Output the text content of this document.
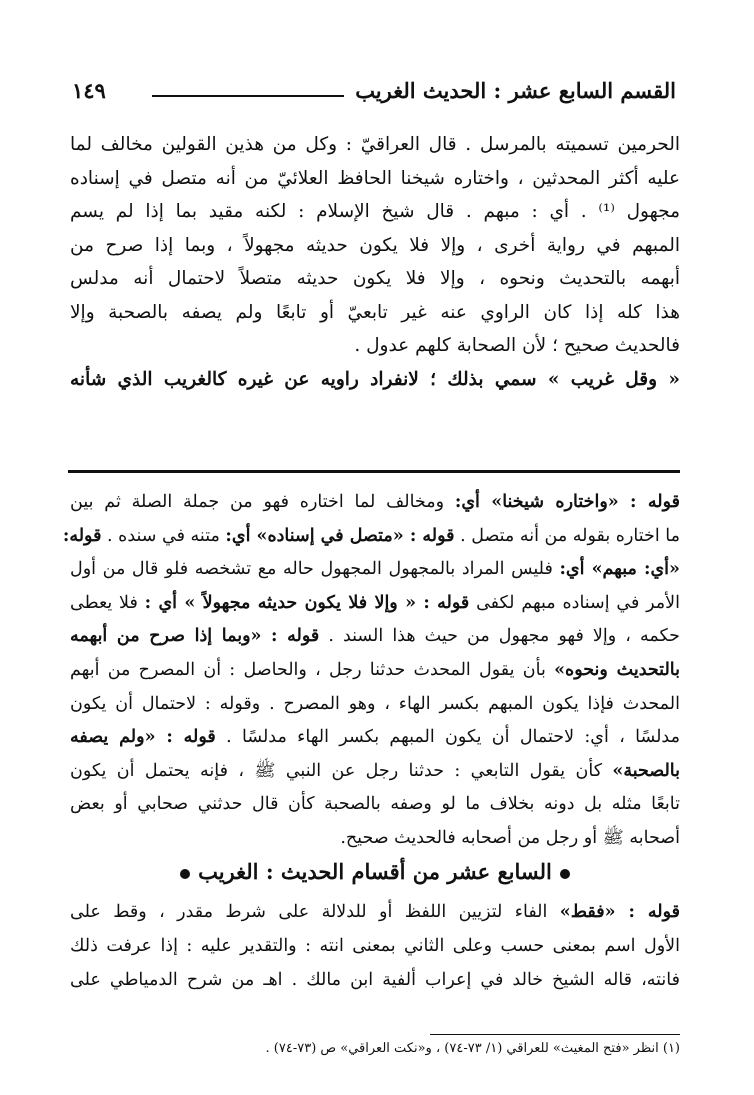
القسم السابع عشر : الحديث الغريب
١٤٩
الحرمين تسميته بالمرسل . قال العراقيّ : وكل من هذين القولين مخالف لما
عليه أكثر المحدثين ، واختاره شيخنا الحافظ العلائيّ من أنه متصل في إسناده
مجهول ⁽¹⁾ . أي : مبهم . قال شيخ الإسلام : لكنه مقيد بما إذا لم يسم
المبهم في رواية أخرى ، وإلا فلا يكون حديثه مجهولاً ، وبما إذا صرح من
أبهمه بالتحديث ونحوه ، وإلا فلا يكون حديثه متصلاً لاحتمال أنه مدلس
هذا كله إذا كان الراوي عنه غير تابعيّ أو تابعًا ولم يصفه بالصحبة وإلا
فالحديث صحيح ؛ لأن الصحابة كلهم عدول .
« وقل غريب » سمي بذلك ؛ لانفراد راويه عن غيره كالغريب الذي شأنه
قوله : «واختاره شيخنا» أي: ومخالف لما اختاره فهو من جملة الصلة ثم بين
ما اختاره بقوله من أنه متصل . قوله : «متصل في إسناده» أي: متنه في سنده . قوله:
«أي: مبهم» أي: فليس المراد بالمجهول المجهول حاله مع تشخصه فلو قال من أول
الأمر في إسناده مبهم لكفى قوله : « وإلا فلا يكون حديثه مجهولاً » أي : فلا يعطى
حكمه ، وإلا فهو مجهول من حيث هذا السند . قوله : «وبما إذا صرح من أبهمه
بالتحديث ونحوه» بأن يقول المحدث حدثنا رجل ، والحاصل : أن المصرح من أبهم
المحدث فإذا يكون المبهم بكسر الهاء ، وهو المصرح . وقوله : لاحتمال أن يكون
مدلسًا ، أي: لاحتمال أن يكون المبهم بكسر الهاء مدلسًا . قوله : «ولم يصفه
بالصحبة» كأن يقول التابعي : حدثنا رجل عن النبي ﷺ ، فإنه يحتمل أن يكون
تابعًا مثله بل دونه بخلاف ما لو وصفه بالصحبة كأن قال حدثني صحابي أو بعض
أصحابه ﷺ أو رجل من أصحابه فالحديث صحيح.
السابع عشر من أقسام الحديث : الغريب
قوله : «فقط» الفاء لتزيين اللفظ أو للدلالة على شرط مقدر ، وقط على
الأول اسم بمعنى حسب وعلى الثاني بمعنى انته : والتقدير عليه : إذا عرفت ذلك
فانته، قاله الشيخ خالد في إعراب ألفية ابن مالك . اهـ من شرح الدمياطي على
(١) انظر «فتح المغيث» للعراقي (١/ ٧٣-٧٤) ، و«نكت العراقي» ص (٧٣-٧٤) .
